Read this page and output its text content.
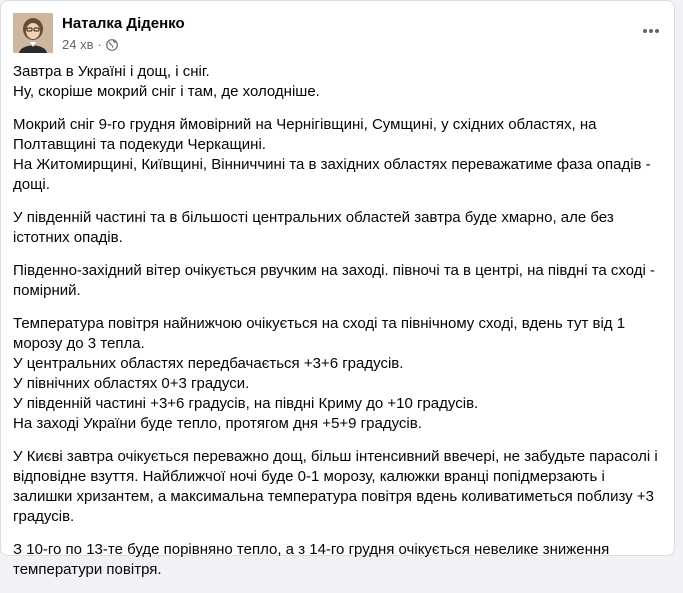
Наталка Діденко
24 хв ·

Завтра в Україні і дощ, і сніг.
Ну, скоріше мокрий сніг і там, де холодніше.

Мокрий сніг 9-го грудня ймовірний на Чернігівщині, Сумщині, у східних областях, на Полтавщині та подекуди Черкащині.
На Житомирщині, Київщині, Вінниччині та в західних областях переважатиме фаза опадів - дощі.

У південній частині та в більшості центральних областей завтра буде хмарно, але без істотних опадів.

Південно-західний вітер очікується рвучким на заході. півночі та в центрі, на півдні та сході - помірний.

Температура повітря найнижчою очікується на сході та північному сході, вдень тут від 1 морозу до 3 тепла.
У центральних областях передбачається +3+6 градусів.
У північних областях 0+3 градуси.
У південній частині +3+6 градусів, на півдні Криму до +10 градусів.
На заході України буде тепло, протягом дня +5+9 градусів.

У Києві завтра очікується переважно дощ, більш інтенсивний ввечері, не забудьте парасолі і відповідне взуття. Найближчої ночі буде 0-1 морозу, калюжки вранці попідмерзають і залишки хризантем, а максимальна температура повітря вдень коливатиметься поблизу +3 градусів.

З 10-го по 13-те буде порівняно тепло, а з 14-го грудня очікується невелике зниження температури повітря.
